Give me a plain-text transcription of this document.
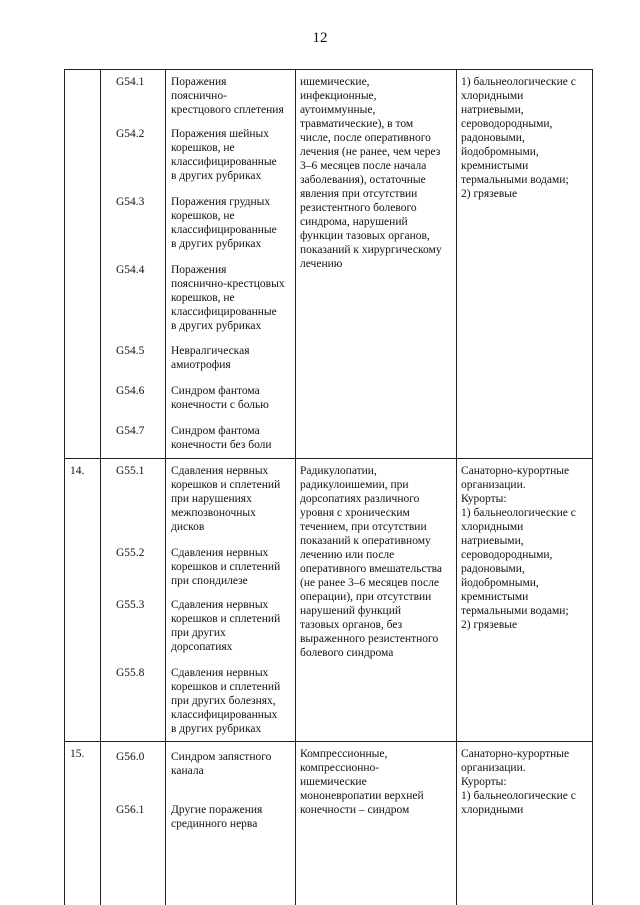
12
G54.1 Поражения
пояснично-
крестцового сплетения
G54.2 Поражения шейных
корешков, не
классифицированные
в других рубриках
G54.3 Поражения грудных
корешков, не
классифицированные
в других рубриках
G54.4 Поражения
пояснично-крестцовых
корешков, не
классифицированные
в других рубриках
G54.5 Невралгическая
амиотрофия
G54.6 Синдром фантома
конечности с болью
G54.7 Синдром фантома
конечности без боли
ишемические,
инфекционные,
аутоиммунные,
травматические), в том
числе, после оперативного
лечения (не ранее, чем через
3–6 месяцев после начала
заболевания), остаточные
явления при отсутствии
резистентного болевого
синдрома, нарушений
функции тазовых органов,
показаний к хирургическому
лечению
1) бальнеологические с
хлоридными
натриевыми,
сероводородными,
радоновыми,
йодобромными,
кремнистыми
термальными водами;
2) грязевые
14.	G55.1 Сдавления нервных
корешков и сплетений
при нарушениях
межпозвоночных
дисков
G55.2 Сдавления нервных
корешков и сплетений
при спондилезе
G55.3 Сдавления нервных
корешков и сплетений
при других
дорсопатиях
G55.8 Сдавления нервных
корешков и сплетений
при других болезнях,
классифицированных
в других рубриках
Радикулопатии,
радикулоишемии, при
дорсопатиях различного
уровня с хроническим
течением, при отсутствии
показаний к оперативному
лечению или после
оперативного вмешательства
(не ранее 3–6 месяцев после
операции), при отсутствии
нарушений функций
тазовых органов, без
выраженного резистентного
болевого синдрома
Санаторно-курортные
организации.
Курорты:
1) бальнеологические с
хлоридными
натриевыми,
сероводородными,
радоновыми,
йодобромными,
кремнистыми
термальными водами;
2) грязевые
15.	G56.0 Синдром запястного
канала
G56.1 Другие поражения
срединного нерва
Компрессионные,
компрессионно-
ишемические
мононевропатии верхней
конечности – синдром
Санаторно-курортные
организации.
Курорты:
1) бальнеологические с
хлоридными
